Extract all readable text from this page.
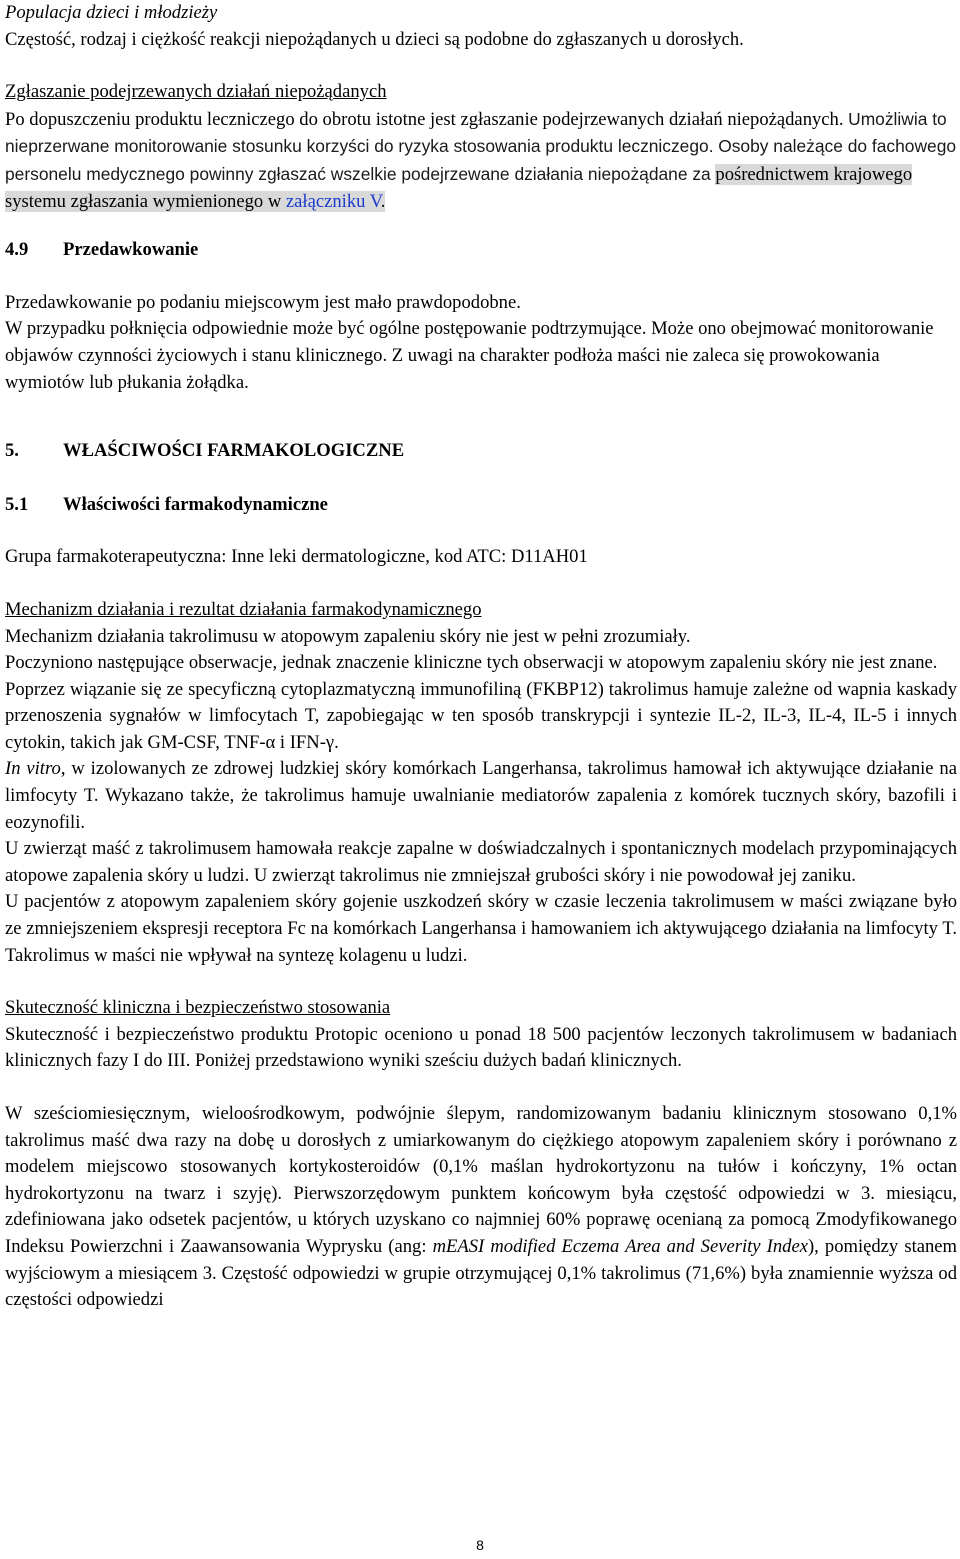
Populacja dzieci i młodzieży

Częstość, rodzaj i ciężkość reakcji niepożądanych u dzieci są podobne do zgłaszanych u dorosłych.

Zgłaszanie podejrzewanych działań niepożądanych

Po dopuszczeniu produktu leczniczego do obrotu istotne jest zgłaszanie podejrzewanych działań niepożądanych. Umożliwia to nieprzerwane monitorowanie stosunku korzyści do ryzyka stosowania produktu leczniczego. Osoby należące do fachowego personelu medycznego powinny zgłaszać wszelkie podejrzewane działania niepożądane za pośrednictwem krajowego systemu zgłaszania wymienionego w załączniku V.

4.9	Przedawkowanie

Przedawkowanie po podaniu miejscowym jest mało prawdopodobne.

W przypadku połknięcia odpowiednie może być ogólne postępowanie podtrzymujące. Może ono obejmować monitorowanie objawów czynności życiowych i stanu klinicznego. Z uwagi na charakter podłoża maści nie zaleca się prowokowania wymiotów lub płukania żołądka.

5.	WŁAŚCIWOŚCI FARMAKOLOGICZNE

5.1	Właściwości farmakodynamiczne

Grupa farmakoterapeutyczna: Inne leki dermatologiczne, kod ATC: D11AH01

Mechanizm działania i rezultat działania farmakodynamicznego

Mechanizm działania takrolimusu w atopowym zapaleniu skóry nie jest w pełni zrozumiały.

Poczyniono następujące obserwacje, jednak znaczenie kliniczne tych obserwacji w atopowym zapaleniu skóry nie jest znane.

Poprzez wiązanie się ze specyficzną cytoplazmatyczną immunofiliną (FKBP12) takrolimus hamuje zależne od wapnia kaskady przenoszenia sygnałów w limfocytach T, zapobiegając w ten sposób transkrypcji i syntezie IL-2, IL-3, IL-4, IL-5 i innych cytokin, takich jak GM-CSF, TNF-α i IFN-γ.

In vitro, w izolowanych ze zdrowej ludzkiej skóry komórkach Langerhansa, takrolimus hamował ich aktywujące działanie na limfocyty T. Wykazano także, że takrolimus hamuje uwalnianie mediatorów zapalenia z komórek tucznych skóry, bazofili i eozynofili.

U zwierząt maść z takrolimusem hamowała reakcje zapalne w doświadczalnych i spontanicznych modelach przypominających atopowe zapalenia skóry u ludzi. U zwierząt takrolimus nie zmniejszał grubości skóry i nie powodował jej zaniku.

U pacjentów z atopowym zapaleniem skóry gojenie uszkodzeń skóry w czasie leczenia takrolimusem w maści związane było ze zmniejszeniem ekspresji receptora Fc na komórkach Langerhansa i hamowaniem ich aktywującego działania na limfocyty T. Takrolimus w maści nie wpływał na syntezę kolagenu u ludzi.

Skuteczność kliniczna i bezpieczeństwo stosowania

Skuteczność i bezpieczeństwo produktu Protopic oceniono u ponad 18 500 pacjentów leczonych takrolimusem w badaniach klinicznych fazy I do III. Poniżej przedstawiono wyniki sześciu dużych badań klinicznych.

W sześciomiesięcznym, wieloośrodkowym, podwójnie ślepym, randomizowanym badaniu klinicznym stosowano 0,1% takrolimus maść dwa razy na dobę u dorosłych z umiarkowanym do ciężkiego atopowym zapaleniem skóry i porównano z modelem miejscowo stosowanych kortykosteroidów (0,1% maślan hydrokortyzonu na tułów i kończyny, 1% octan hydrokortyzonu na twarz i szyję). Pierwszorzędowym punktem końcowym była częstość odpowiedzi w 3. miesiącu, zdefiniowana jako odsetek pacjentów, u których uzyskano co najmniej 60% poprawę ocenianą za pomocą Zmodyfikowanego Indeksu Powierzchni i Zaawansowania Wyprysku (ang: mEASI modified Eczema Area and Severity Index), pomiędzy stanem wyjściowym a miesiącem 3. Częstość odpowiedzi w grupie otrzymującej 0,1% takrolimus (71,6%) była znamiennie wyższa od częstości odpowiedzi

8
